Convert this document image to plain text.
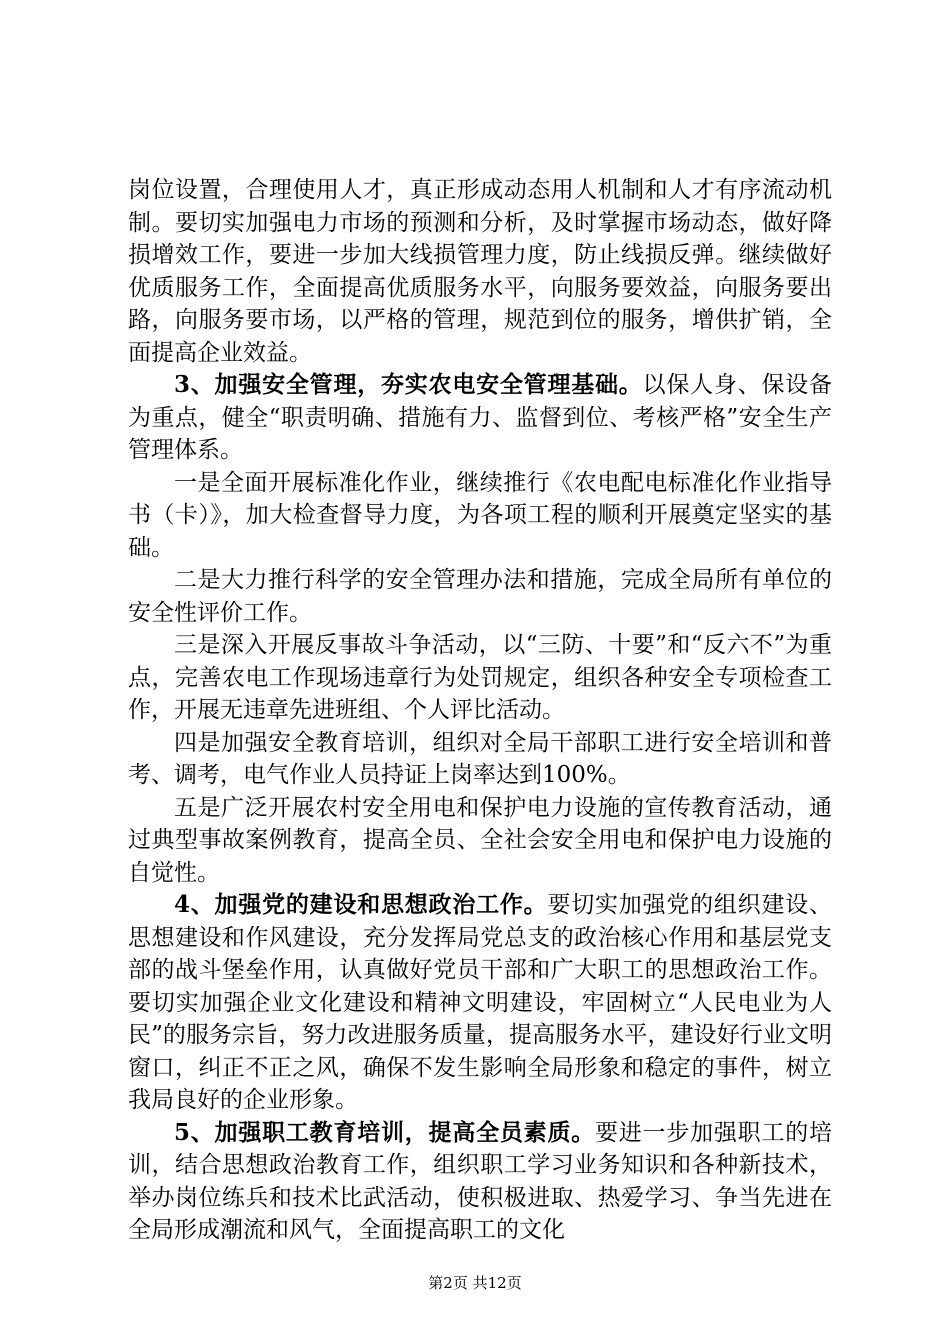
岗位设置，合理使用人才，真正形成动态用人机制和人才有序流动机制。要切实加强电力市场的预测和分析，及时掌握市场动态，做好降损增效工作，要进一步加大线损管理力度，防止线损反弹。继续做好优质服务工作，全面提高优质服务水平，向服务要效益，向服务要出路，向服务要市场，以严格的管理，规范到位的服务，增供扩销，全面提高企业效益。

3、加强安全管理，夯实农电安全管理基础。以保人身、保设备为重点，健全“职责明确、措施有力、监督到位、考核严格”安全生产管理体系。

一是全面开展标准化作业，继续推行《农电配电标准化作业指导书（卡）》，加大检查督导力度，为各项工程的顺利开展奠定坚实的基础。

二是大力推行科学的安全管理办法和措施，完成全局所有单位的安全性评价工作。

三是深入开展反事故斗争活动，以“三防、十要”和“反六不”为重点，完善农电工作现场违章行为处罚规定，组织各种安全专项检查工作，开展无违章先进班组、个人评比活动。

四是加强安全教育培训，组织对全局干部职工进行安全培训和普考、调考，电气作业人员持证上岗率达到100%。

五是广泛开展农村安全用电和保护电力设施的宣传教育活动，通过典型事故案例教育，提高全员、全社会安全用电和保护电力设施的自觉性。

4、加强党的建设和思想政治工作。要切实加强党的组织建设、思想建设和作风建设，充分发挥局党总支的政治核心作用和基层党支部的战斗堡垒作用，认真做好党员干部和广大职工的思想政治工作。要切实加强企业文化建设和精神文明建设，牢固树立“人民电业为人民”的服务宗旨，努力改进服务质量，提高服务水平，建设好行业文明窗口，纠正不正之风，确保不发生影响全局形象和稳定的事件，树立我局良好的企业形象。

5、加强职工教育培训，提高全员素质。要进一步加强职工的培训，结合思想政治教育工作，组织职工学习业务知识和各种新技术，举办岗位练兵和技术比武活动，使积极进取、热爱学习、争当先进在全局形成潮流和风气，全面提高职工的文化

第2页 共12页
